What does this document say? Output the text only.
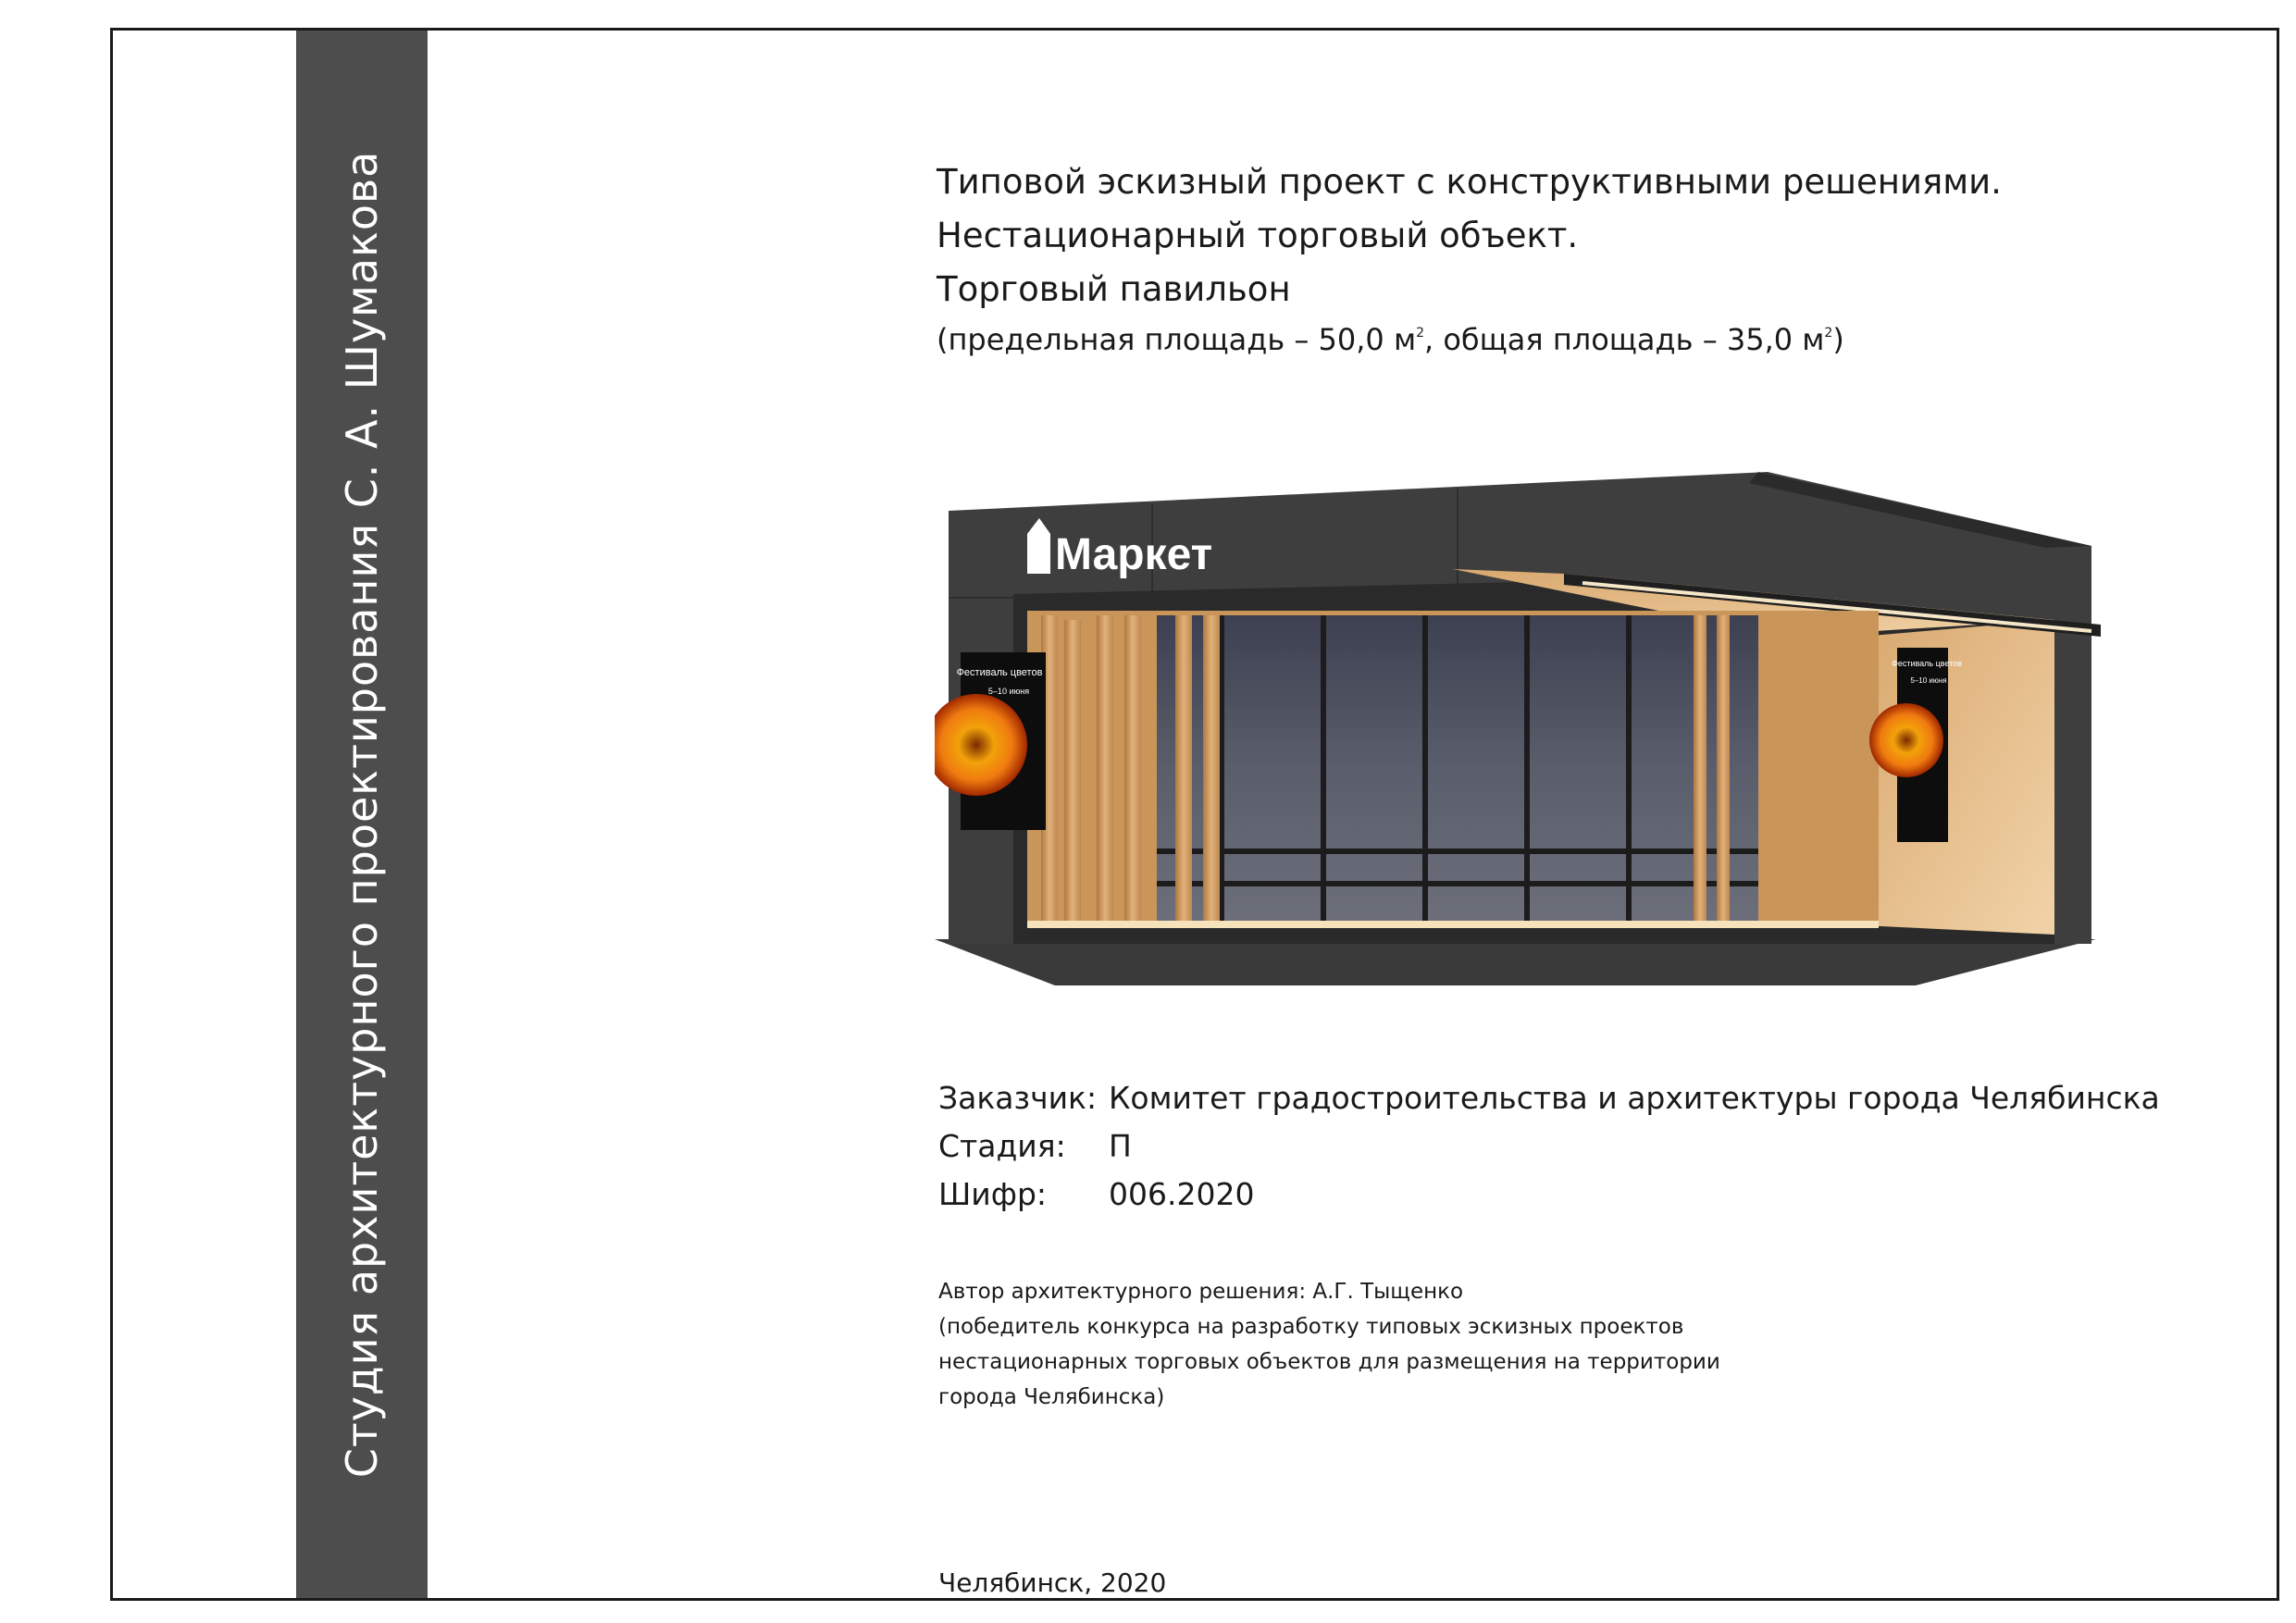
Студия архитектурного проектирования С. А. Шумакова	Типовой эскизный проект с конструктивными решениями.
Нестационарный торговый объект.
Торговый павильон
(предельная площадь – 50,0 $м^2$, общая площадь – 35,0 $м^2$)
Маркет
Фестиваль цветов
5–10 июня
Фестиваль цветов
5–10 июня
Заказчик: Комитет градостроительства и архитектуры города Челябинска
Стадия:	П
Шифр:	006.2020
Автор архитектурного решения: А.Г. Тыщенко
(победитель конкурса на разработку типовых эскизных проектов
нестационарных торговых объектов для размещения на территории
города Челябинска)
Челябинск, 2020
